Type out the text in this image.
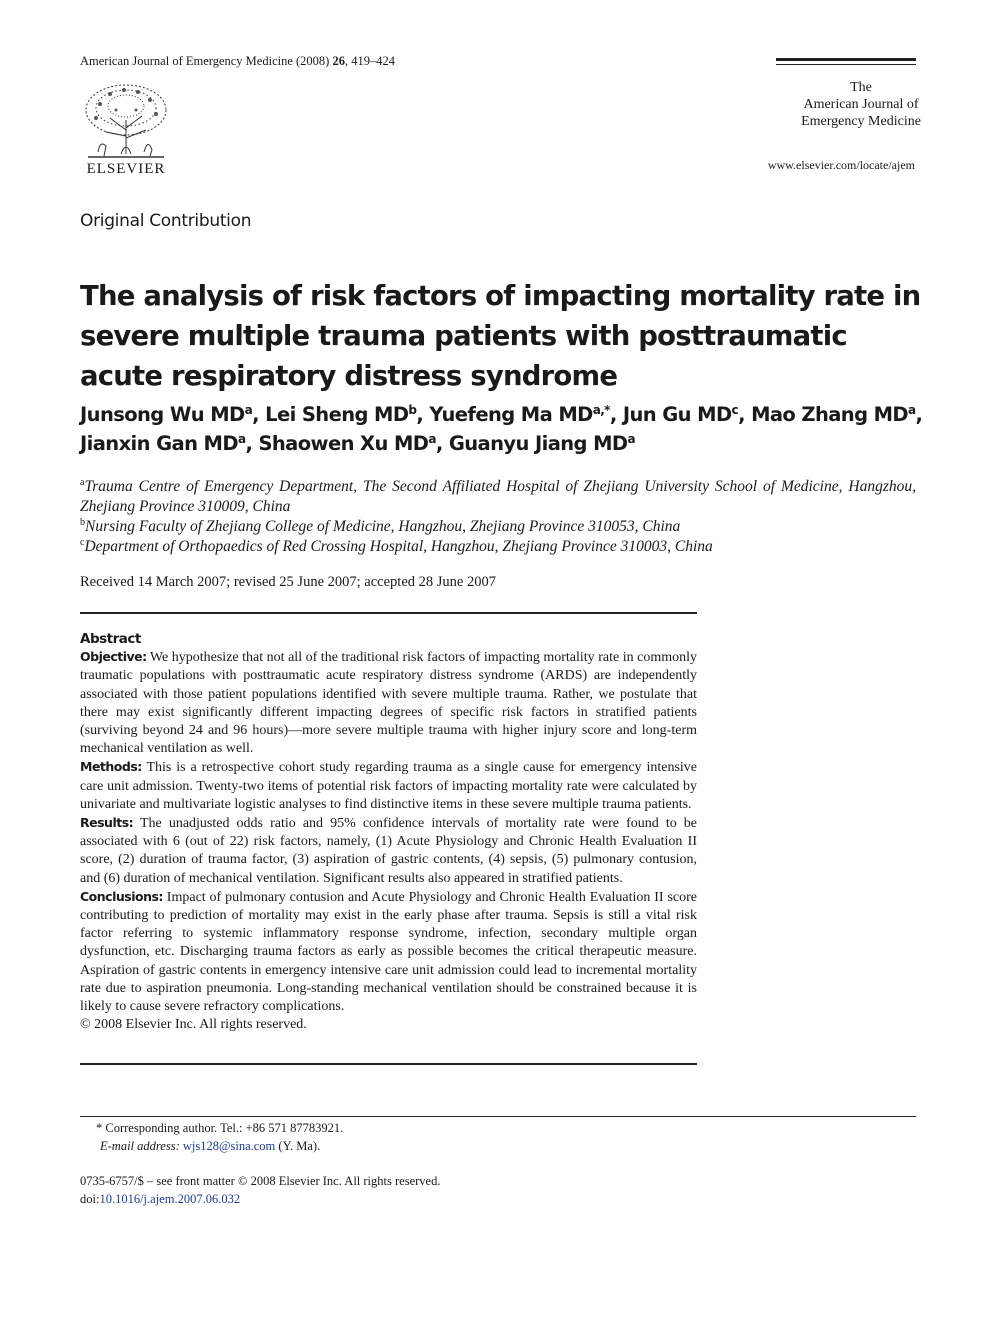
American Journal of Emergency Medicine (2008) 26, 419–424
ELSEVIER
The
American Journal of
Emergency Medicine
www.elsevier.com/locate/ajem
Original Contribution
The analysis of risk factors of impacting mortality rate in severe multiple trauma patients with posttraumatic acute respiratory distress syndrome
Junsong Wu $MD^a$, Lei Sheng $MD^b$, Yuefeng Ma $MD^{a,*}$, Jun Gu $MD^c$, Mao Zhang $MD^a$,
Jianxin Gan $MD^a$, Shaowen Xu $MD^a$, Guanyu Jiang $MD^a$
$^a$Trauma Centre of Emergency Department, The Second Affiliated Hospital of Zhejiang University School of Medicine, Hangzhou, Zhejiang Province 310009, China
$^b$Nursing Faculty of Zhejiang College of Medicine, Hangzhou, Zhejiang Province 310053, China
$^c$Department of Orthopaedics of Red Crossing Hospital, Hangzhou, Zhejiang Province 310003, China
Received 14 March 2007; revised 25 June 2007; accepted 28 June 2007
Abstract

Objective: We hypothesize that not all of the traditional risk factors of impacting mortality rate in commonly traumatic populations with posttraumatic acute respiratory distress syndrome (ARDS) are independently associated with those patient populations identified with severe multiple trauma. Rather, we postulate that there may exist significantly different impacting degrees of specific risk factors in stratified patients (surviving beyond 24 and 96 hours)—more severe multiple trauma with higher injury score and long-term mechanical ventilation as well.

Methods: This is a retrospective cohort study regarding trauma as a single cause for emergency intensive care unit admission. Twenty-two items of potential risk factors of impacting mortality rate were calculated by univariate and multivariate logistic analyses to find distinctive items in these severe multiple trauma patients.

Results: The unadjusted odds ratio and 95% confidence intervals of mortality rate were found to be associated with 6 (out of 22) risk factors, namely, (1) Acute Physiology and Chronic Health Evaluation II score, (2) duration of trauma factor, (3) aspiration of gastric contents, (4) sepsis, (5) pulmonary contusion, and (6) duration of mechanical ventilation. Significant results also appeared in stratified patients.

Conclusions: Impact of pulmonary contusion and Acute Physiology and Chronic Health Evaluation II score contributing to prediction of mortality may exist in the early phase after trauma. Sepsis is still a vital risk factor referring to systemic inflammatory response syndrome, infection, secondary multiple organ dysfunction, etc. Discharging trauma factors as early as possible becomes the critical therapeutic measure. Aspiration of gastric contents in emergency intensive care unit admission could lead to incremental mortality rate due to aspiration pneumonia. Long-standing mechanical ventilation should be constrained because it is likely to cause severe refractory complications.

© 2008 Elsevier Inc. All rights reserved.

* Corresponding author. Tel.: +86 571 87783921.
E-mail address: wjs128@sina.com (Y. Ma).
0735-6757/$ – see front matter © 2008 Elsevier Inc. All rights reserved.
doi:10.1016/j.ajem.2007.06.032
